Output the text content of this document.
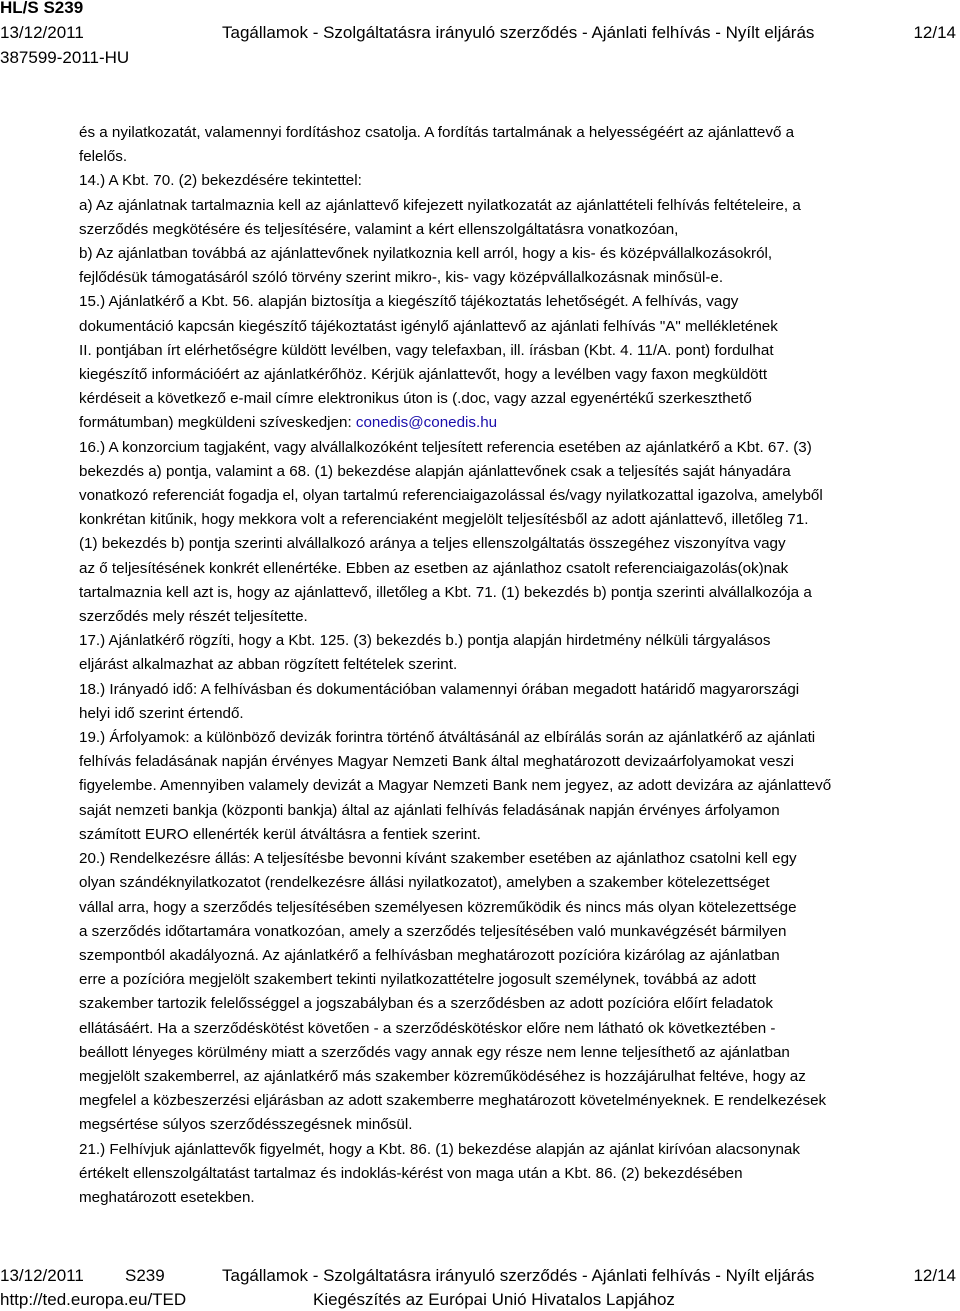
HL/S S239
13/12/2011	Tagállamok - Szolgáltatásra irányuló szerződés - Ajánlati felhívás - Nyílt eljárás	12/14
387599-2011-HU
és a nyilatkozatát, valamennyi fordításhoz csatolja. A fordítás tartalmának a helyességéért az ajánlattevő a
felelős.
14.) A Kbt. 70. (2) bekezdésére tekintettel:
a) Az ajánlatnak tartalmaznia kell az ajánlattevő kifejezett nyilatkozatát az ajánlattételi felhívás feltételeire, a
szerződés megkötésére és teljesítésére, valamint a kért ellenszolgáltatásra vonatkozóan,
b) Az ajánlatban továbbá az ajánlattevőnek nyilatkoznia kell arról, hogy a kis- és középvállalkozásokról,
fejlődésük támogatásáról szóló törvény szerint mikro-, kis- vagy középvállalkozásnak minősül-e.
15.) Ajánlatkérő a Kbt. 56. alapján biztosítja a kiegészítő tájékoztatás lehetőségét. A felhívás, vagy
dokumentáció kapcsán kiegészítő tájékoztatást igénylő ajánlattevő az ajánlati felhívás "A" mellékletének
II. pontjában írt elérhetőségre küldött levélben, vagy telefaxban, ill. írásban (Kbt. 4. 11/A. pont) fordulhat
kiegészítő információért az ajánlatkérőhöz. Kérjük ajánlattevőt, hogy a levélben vagy faxon megküldött
kérdéseit a következő e-mail címre elektronikus úton is (.doc, vagy azzal egyenértékű szerkeszthető
formátumban) megküldeni szíveskedjen: conedis@conedis.hu
16.) A konzorcium tagjaként, vagy alvállalkozóként teljesített referencia esetében az ajánlatkérő a Kbt. 67. (3)
bekezdés a) pontja, valamint a 68. (1) bekezdése alapján ajánlattevőnek csak a teljesítés saját hányadára
vonatkozó referenciát fogadja el, olyan tartalmú referenciaigazolással és/vagy nyilatkozattal igazolva, amelyből
konkrétan kitűnik, hogy mekkora volt a referenciaként megjelölt teljesítésből az adott ajánlattevő, illetőleg 71.
(1) bekezdés b) pontja szerinti alvállalkozó aránya a teljes ellenszolgáltatás összegéhez viszonyítva vagy
az ő teljesítésének konkrét ellenértéke. Ebben az esetben az ajánlathoz csatolt referenciaigazolás(ok)nak
tartalmaznia kell azt is, hogy az ajánlattevő, illetőleg a Kbt. 71. (1) bekezdés b) pontja szerinti alvállalkozója a
szerződés mely részét teljesítette.
17.) Ajánlatkérő rögzíti, hogy a Kbt. 125. (3) bekezdés b.) pontja alapján hirdetmény nélküli tárgyalásos
eljárást alkalmazhat az abban rögzített feltételek szerint.
18.) Irányadó idő: A felhívásban és dokumentációban valamennyi órában megadott határidő magyarországi
helyi idő szerint értendő.
19.) Árfolyamok: a különböző devizák forintra történő átváltásánál az elbírálás során az ajánlatkérő az ajánlati
felhívás feladásának napján érvényes Magyar Nemzeti Bank által meghatározott devizaárfolyamokat veszi
figyelembe. Amennyiben valamely devizát a Magyar Nemzeti Bank nem jegyez, az adott devizára az ajánlattevő
saját nemzeti bankja (központi bankja) által az ajánlati felhívás feladásának napján érvényes árfolyamon
számított EURO ellenérték kerül átváltásra a fentiek szerint.
20.) Rendelkezésre állás: A teljesítésbe bevonni kívánt szakember esetében az ajánlathoz csatolni kell egy
olyan szándéknyilatkozatot (rendelkezésre állási nyilatkozatot), amelyben a szakember kötelezettséget
vállal arra, hogy a szerződés teljesítésében személyesen közreműködik és nincs más olyan kötelezettsége
a szerződés időtartamára vonatkozóan, amely a szerződés teljesítésében való munkavégzését bármilyen
szempontból akadályozná. Az ajánlatkérő a felhívásban meghatározott pozícióra kizárólag az ajánlatban
erre a pozícióra megjelölt szakembert tekinti nyilatkozattételre jogosult személynek, továbbá az adott
szakember tartozik felelősséggel a jogszabályban és a szerződésben az adott pozícióra előírt feladatok
ellátásáért. Ha a szerződéskötést követően - a szerződéskötéskor előre nem látható ok következtében -
beállott lényeges körülmény miatt a szerződés vagy annak egy része nem lenne teljesíthető az ajánlatban
megjelölt szakemberrel, az ajánlatkérő más szakember közreműködéséhez is hozzájárulhat feltéve, hogy az
megfelel a közbeszerzési eljárásban az adott szakemberre meghatározott követelményeknek. E rendelkezések
megsértése súlyos szerződésszegésnek minősül.
21.) Felhívjuk ajánlattevők figyelmét, hogy a Kbt. 86. (1) bekezdése alapján az ajánlat kirívóan alacsonynak
értékelt ellenszolgáltatást tartalmaz és indoklás-kérést von maga után a Kbt. 86. (2) bekezdésében
meghatározott esetekben.
13/12/2011 S239	Tagállamok - Szolgáltatásra irányuló szerződés - Ajánlati felhívás - Nyílt eljárás	12/14
http://ted.europa.eu/TED	Kiegészítés az Európai Unió Hivatalos Lapjához
